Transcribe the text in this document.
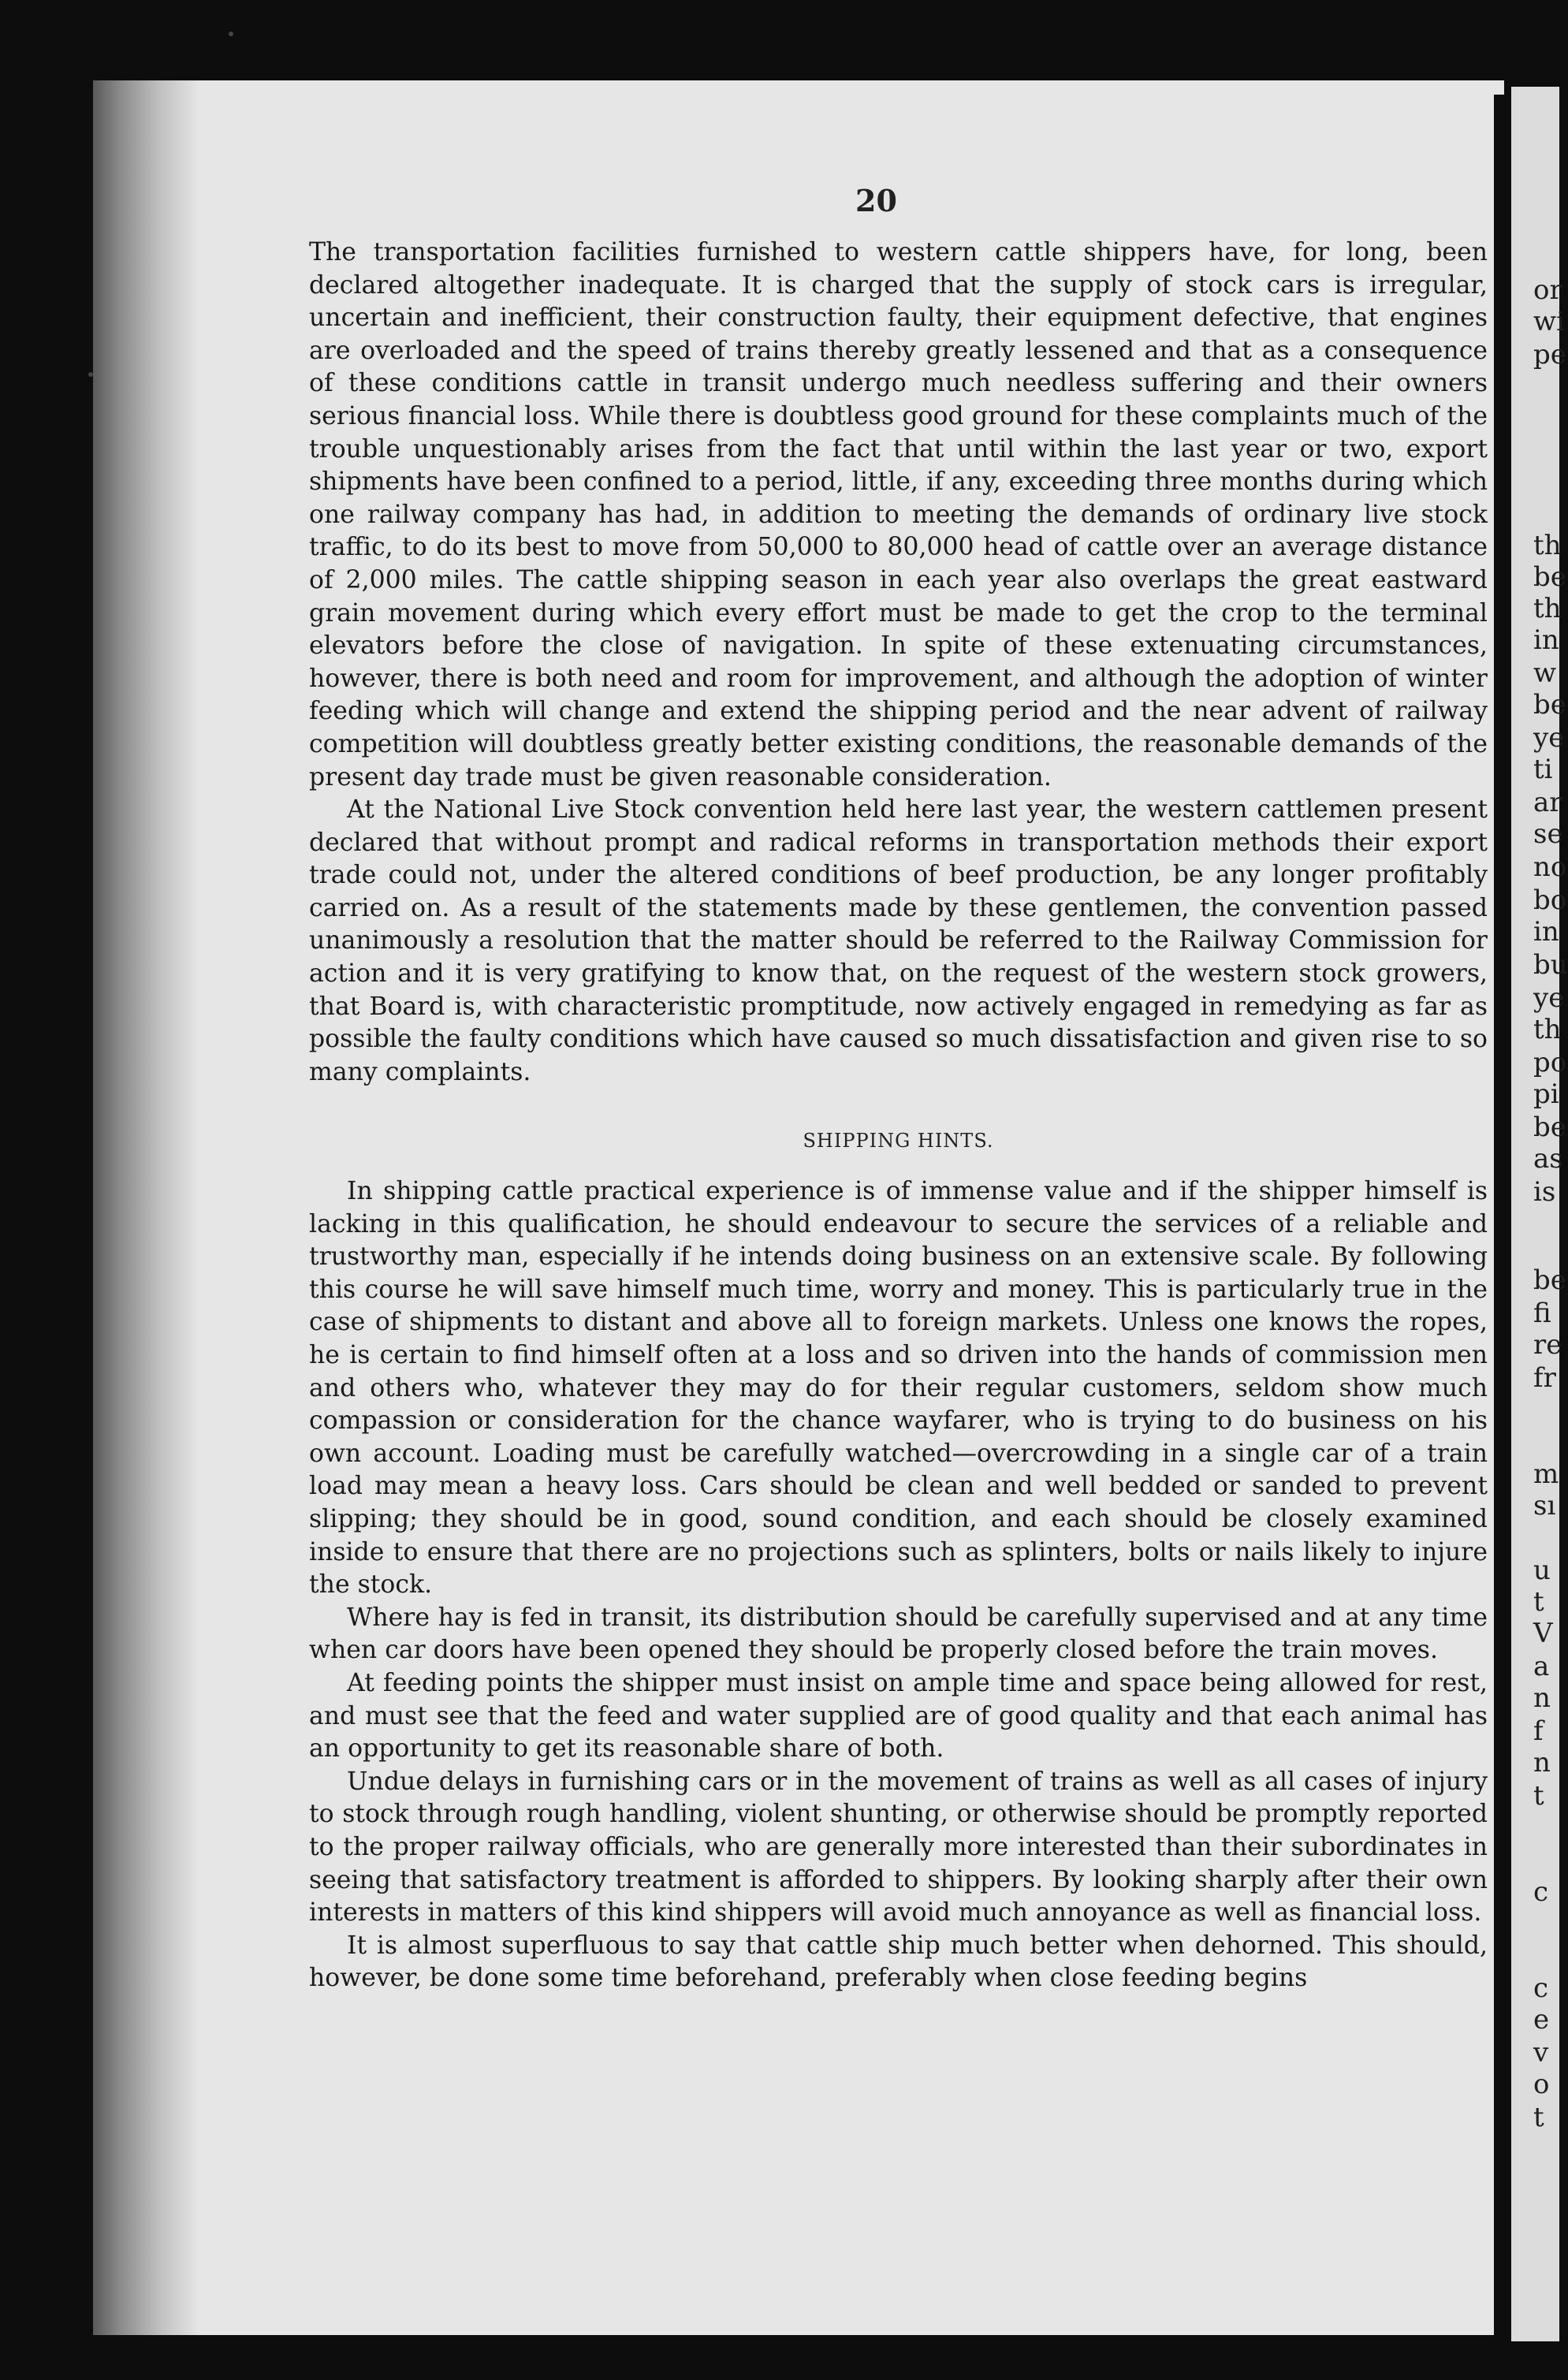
or
wi
pe
th
be
th
in
w
be
ye
ti
ar
se
no
bo
in
bu
ye
th
po
pi
be
as
is
be
fi
re
fr
m
sı
u
t
V
a
n
f
n
t
c
c
e
v
o
t
20

The transportation facilities furnished to western cattle shippers have, for long, been declared altogether inadequate. It is charged that the supply of stock cars is irregular, uncertain and inefficient, their construction faulty, their equipment defective, that engines are overloaded and the speed of trains thereby greatly lessened and that as a consequence of these conditions cattle in transit undergo much needless suffering and their owners serious financial loss. While there is doubtless good ground for these complaints much of the trouble unquestionably arises from the fact that until within the last year or two, export shipments have been confined to a period, little, if any, exceeding three months during which one railway company has had, in addition to meeting the demands of ordinary live stock traffic, to do its best to move from 50,000 to 80,000 head of cattle over an average distance of 2,000 miles. The cattle shipping season in each year also overlaps the great eastward grain movement during which every effort must be made to get the crop to the terminal elevators before the close of navigation. In spite of these extenuating circumstances, however, there is both need and room for improvement, and although the adoption of winter feeding which will change and extend the shipping period and the near advent of railway competition will doubtless greatly better existing conditions, the reasonable demands of the present day trade must be given reasonable consideration.

At the National Live Stock convention held here last year, the western cattlemen present declared that without prompt and radical reforms in transportation methods their export trade could not, under the altered conditions of beef production, be any longer profitably carried on. As a result of the statements made by these gentlemen, the convention passed unanimously a resolution that the matter should be referred to the Railway Commission for action and it is very gratifying to know that, on the request of the western stock growers, that Board is, with characteristic promptitude, now actively engaged in remedying as far as possible the faulty conditions which have caused so much dissatisfaction and given rise to so many complaints.

SHIPPING HINTS.

In shipping cattle practical experience is of immense value and if the shipper himself is lacking in this qualification, he should endeavour to secure the services of a reliable and trustworthy man, especially if he intends doing business on an extensive scale. By following this course he will save himself much time, worry and money. This is particularly true in the case of shipments to distant and above all to foreign markets. Unless one knows the ropes, he is certain to find himself often at a loss and so driven into the hands of commission men and others who, whatever they may do for their regular customers, seldom show much compassion or consideration for the chance wayfarer, who is trying to do business on his own account. Loading must be carefully watched—overcrowding in a single car of a train load may mean a heavy loss. Cars should be clean and well bedded or sanded to prevent slipping; they should be in good, sound condition, and each should be closely examined inside to ensure that there are no projections such as splinters, bolts or nails likely to injure the stock.

Where hay is fed in transit, its distribution should be carefully supervised and at any time when car doors have been opened they should be properly closed before the train moves.

At feeding points the shipper must insist on ample time and space being allowed for rest, and must see that the feed and water supplied are of good quality and that each animal has an opportunity to get its reasonable share of both.

Undue delays in furnishing cars or in the movement of trains as well as all cases of injury to stock through rough handling, violent shunting, or otherwise should be promptly reported to the proper railway officials, who are generally more interested than their subordinates in seeing that satisfactory treatment is afforded to shippers. By looking sharply after their own interests in matters of this kind shippers will avoid much annoyance as well as financial loss.

It is almost superfluous to say that cattle ship much better when dehorned. This should, however, be done some time beforehand, preferably when close feeding begins
